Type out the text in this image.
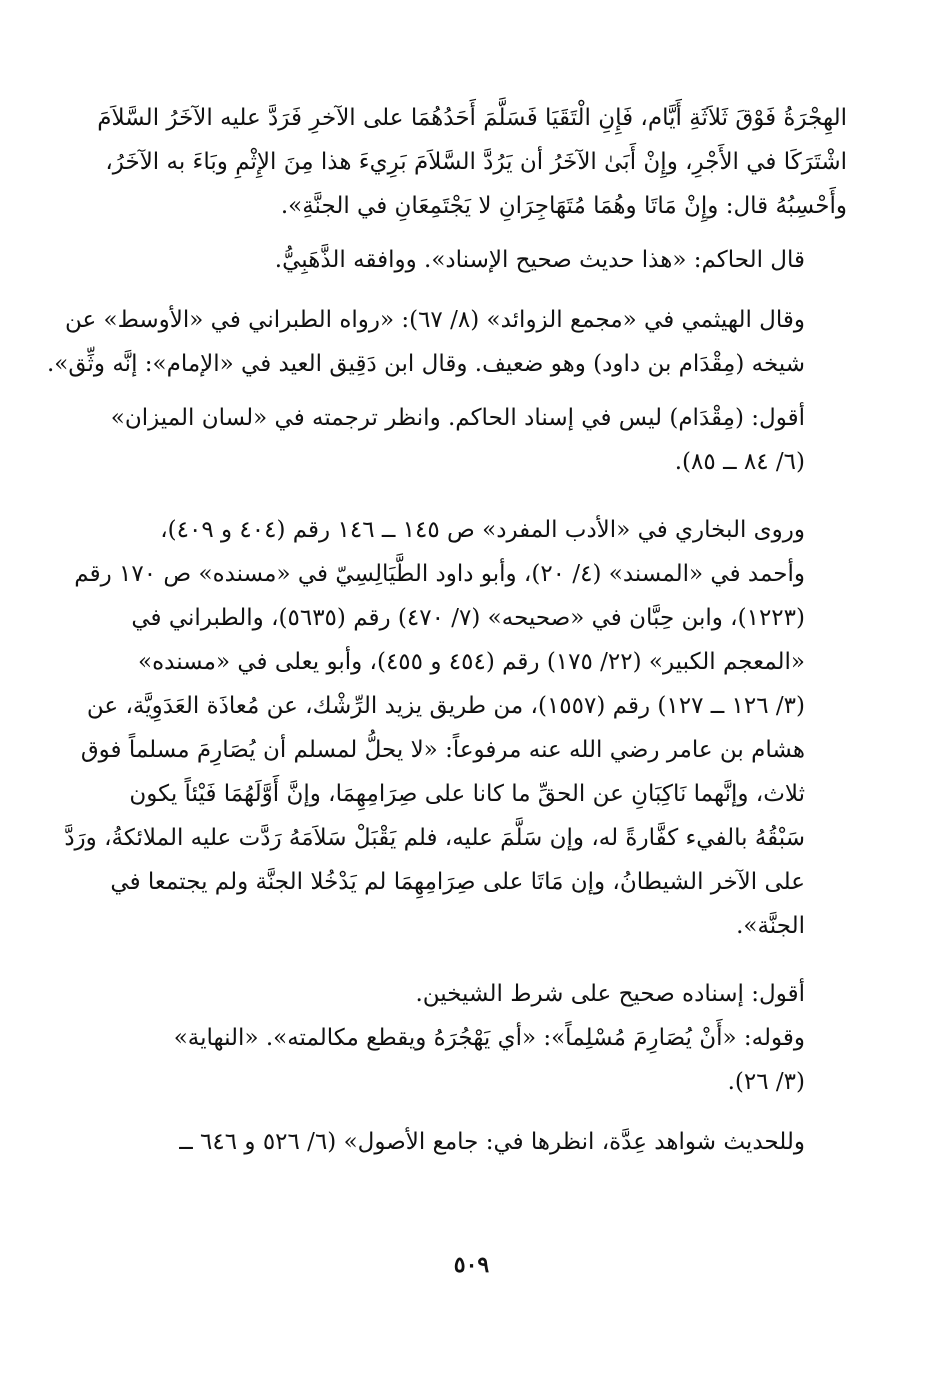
الهِجْرَةُ فَوْقَ ثَلاَثَةِ أَيَّام، فَإِنِ الْتَقَيَا فَسَلَّمَ أَحَدُهُمَا على الآخرِ فَرَدَّ عليه الآخَرُ السَّلاَمَ
اشْتَرَكَا في الأَجْرِ، وإِنْ أَبَىٰ الآخَرُ أن يَرُدَّ السَّلاَمَ بَرِيءَ هذا مِنَ الإِثْمِ وبَاءَ به الآخَرُ،
وأَحْسِبُهُ قال: وإِنْ مَاتَا وهُمَا مُتَهَاجِرَانِ لا يَجْتَمِعَانِ في الجنَّةِ».

قال الحاكم: «هذا حديث صحيح الإسناد». ووافقه الذَّهَبِيُّ.

وقال الهيثمي في «مجمع الزوائد» (٨/ ٦٧): «رواه الطبراني في «الأوسط» عن
شيخه (مِقْدَام بن داود) وهو ضعيف. وقال ابن دَقِيق العيد في «الإمام»: إنَّه وثِّق».

أقول: (مِقْدَام) ليس في إسناد الحاكم. وانظر ترجمته في «لسان الميزان»
(٦/ ٨٤ ــ ٨٥).

وروى البخاري في «الأدب المفرد» ص ١٤٥ ــ ١٤٦ رقم (٤٠٤ و ٤٠٩)،
وأحمد في «المسند» (٤/ ٢٠)، وأبو داود الطَّيَالِسِيّ في «مسنده» ص ١٧٠ رقم
(١٢٢٣)، وابن حِبَّان في «صحيحه» (٧/ ٤٧٠) رقم (٥٦٣٥)، والطبراني في
«المعجم الكبير» (٢٢/ ١٧٥) رقم (٤٥٤ و ٤٥٥)، وأبو يعلى في «مسنده»
(٣/ ١٢٦ ــ ١٢٧) رقم (١٥٥٧)، من طريق يزيد الرِّشْك، عن مُعاذَة العَدَوِيَّة، عن
هشام بن عامر رضي الله عنه مرفوعاً: «لا يحلُّ لمسلم أن يُصَارِمَ مسلماً فوق
ثلاث، وإنَّهما نَاكِبَانِ عن الحقِّ ما كانا على صِرَامِهِمَا، وإنَّ أَوَّلَهُمَا فَيْئاً يكون
سَبْقُهُ بالفيء كفَّارةً له، وإن سَلَّمَ عليه، فلم يَقْبَلْ سَلاَمَهُ رَدَّت عليه الملائكةُ، ورَدَّ
على الآخر الشيطانُ، وإن مَاتَا على صِرَامِهِمَا لم يَدْخُلا الجنَّة ولم يجتمعا في
الجنَّة».

أقول: إسناده صحيح على شرط الشيخين.

وقوله: «أَنْ يُصَارِمَ مُسْلِماً»: «أي يَهْجُرَهُ ويقطع مكالمته». «النهاية»
(٣/ ٢٦).

وللحديث شواهد عِدَّة، انظرها في: جامع الأصول» (٦/ ٥٢٦ و ٦٤٦ ــ

٥٠٩
